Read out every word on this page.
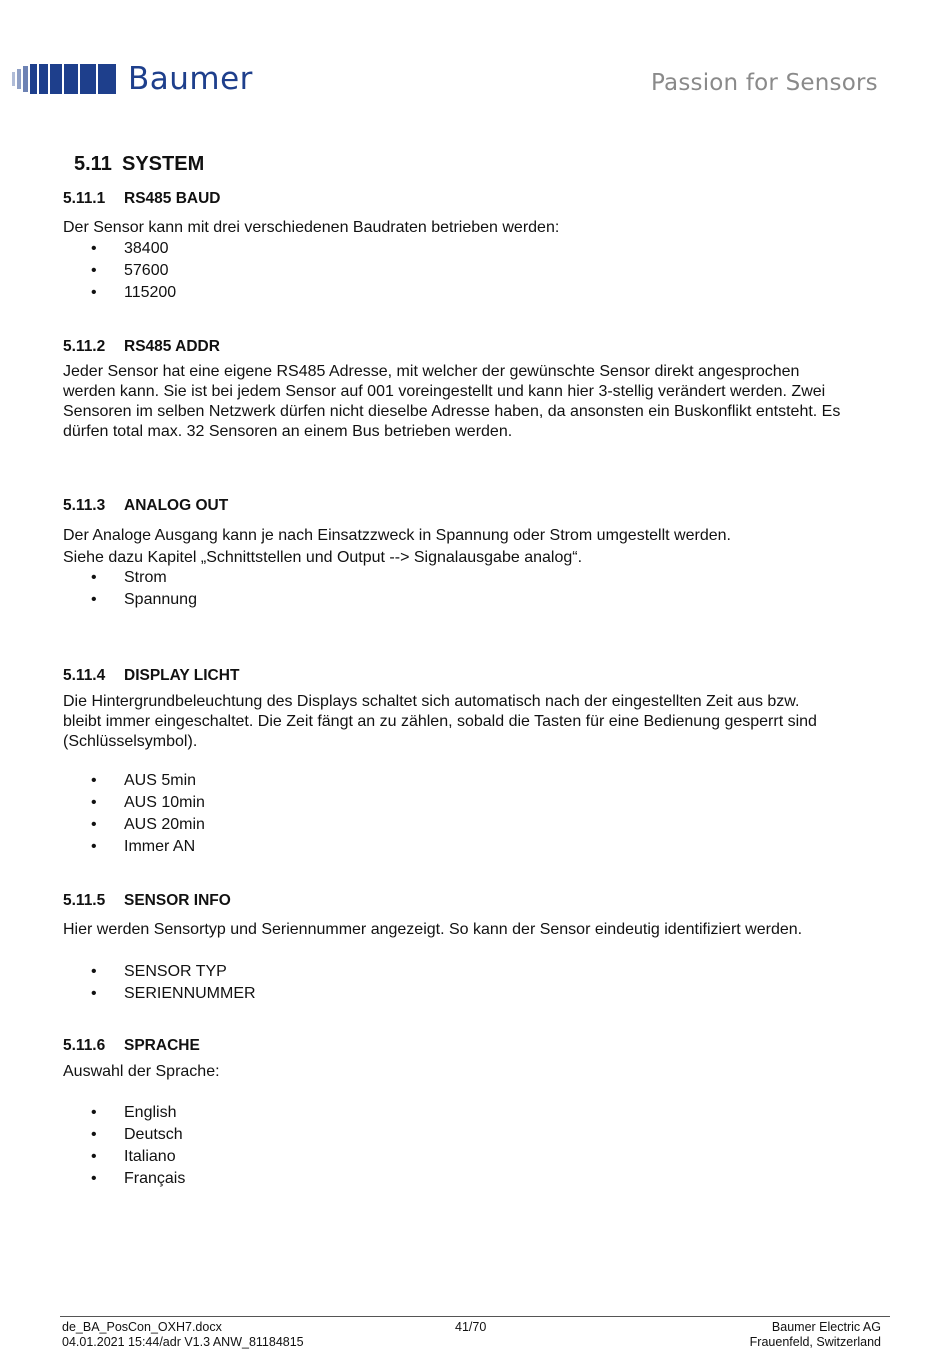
Baumer	Passion for Sensors
5.11 SYSTEM
5.11.1 RS485 BAUD

Der Sensor kann mit drei verschiedenen Baudraten betrieben werden:

• 38400
• 57600
• 115200
5.11.2 RS485 ADDR
Jeder Sensor hat eine eigene RS485 Adresse, mit welcher der gewünschte Sensor direkt angesprochen
werden kann. Sie ist bei jedem Sensor auf 001 voreingestellt und kann hier 3-stellig verändert werden. Zwei
Sensoren im selben Netzwerk dürfen nicht dieselbe Adresse haben, da ansonsten ein Buskonflikt entsteht. Es
dürfen total max. 32 Sensoren an einem Bus betrieben werden.
5.11.3 ANALOG OUT
Der Analoge Ausgang kann je nach Einsatzzweck in Spannung oder Strom umgestellt werden.
Siehe dazu Kapitel „Schnittstellen und Output --> Signalausgabe analog“.
• Strom
• Spannung
5.11.4 DISPLAY LICHT
Die Hintergrundbeleuchtung des Displays schaltet sich automatisch nach der eingestellten Zeit aus bzw.
bleibt immer eingeschaltet. Die Zeit fängt an zu zählen, sobald die Tasten für eine Bedienung gesperrt sind
(Schlüsselsymbol).
• AUS 5min
• AUS 10min
• AUS 20min
• Immer AN
5.11.5 SENSOR INFO

Hier werden Sensortyp und Seriennummer angezeigt. So kann der Sensor eindeutig identifiziert werden.

• SENSOR TYP
• SERIENNUMMER
5.11.6 SPRACHE

Auswahl der Sprache:

• English
• Deutsch
• Italiano
• Français
de_BA_PosCon_OXH7.docx
04.01.2021 15:44/adr V1.3 ANW_81184815
41/70	Baumer Electric AG
Frauenfeld, Switzerland
